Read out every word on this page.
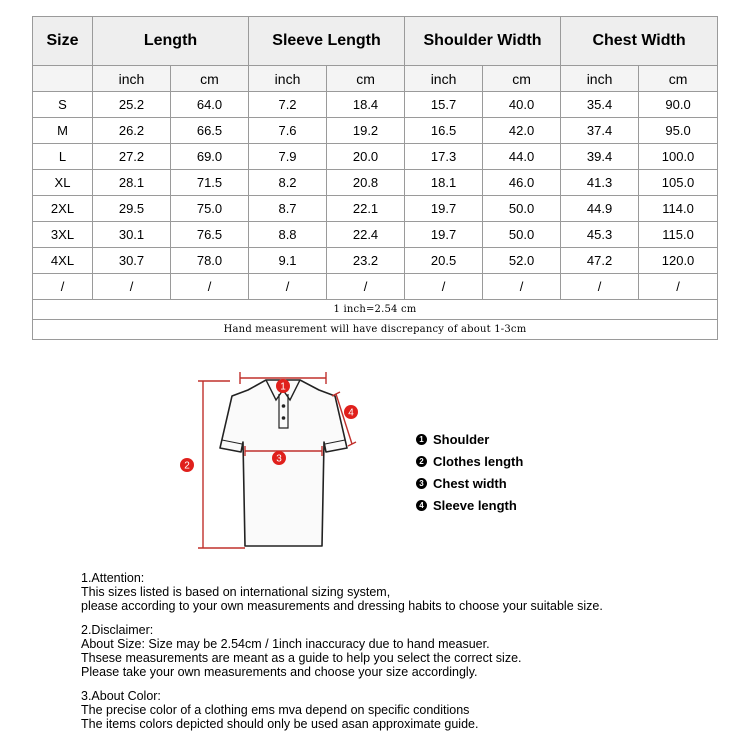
Size	Length		Sleeve Length		Shoulder Width		Chest Width	
	inch	cm	inch	cm	inch	cm	inch	cm
S	25.2	64.0	7.2	18.4	15.7	40.0	35.4	90.0
M	26.2	66.5	7.6	19.2	16.5	42.0	37.4	95.0
L	27.2	69.0	7.9	20.0	17.3	44.0	39.4	100.0
XL	28.1	71.5	8.2	20.8	18.1	46.0	41.3	105.0
2XL	29.5	75.0	8.7	22.1	19.7	50.0	44.9	114.0
3XL	30.1	76.5	8.8	22.4	19.7	50.0	45.3	115.0
4XL	30.7	78.0	9.1	23.2	20.5	52.0	47.2	120.0
/	/	/	/	/	/	/	/	/
1 inch=2.54 cm								
Hand measurement will have discrepancy of about 1-3cm								
1
2
3
4
1 Shoulder
2 Clothes length
3 Chest width
4 Sleeve length
1.Attention:
This sizes listed is based on international sizing system,
please according to your own measurements and dressing habits to choose your suitable size.
2.Disclaimer:
About Size: Size may be 2.54cm / 1inch inaccuracy due to hand measuer.
Thsese measurements are meant as a guide to help you select the correct size.
Please take your own measurements and choose your size accordingly.
3.About Color:
The precise color of a clothing ems mva depend on specific conditions
The items colors depicted should only be used asan approximate guide.
